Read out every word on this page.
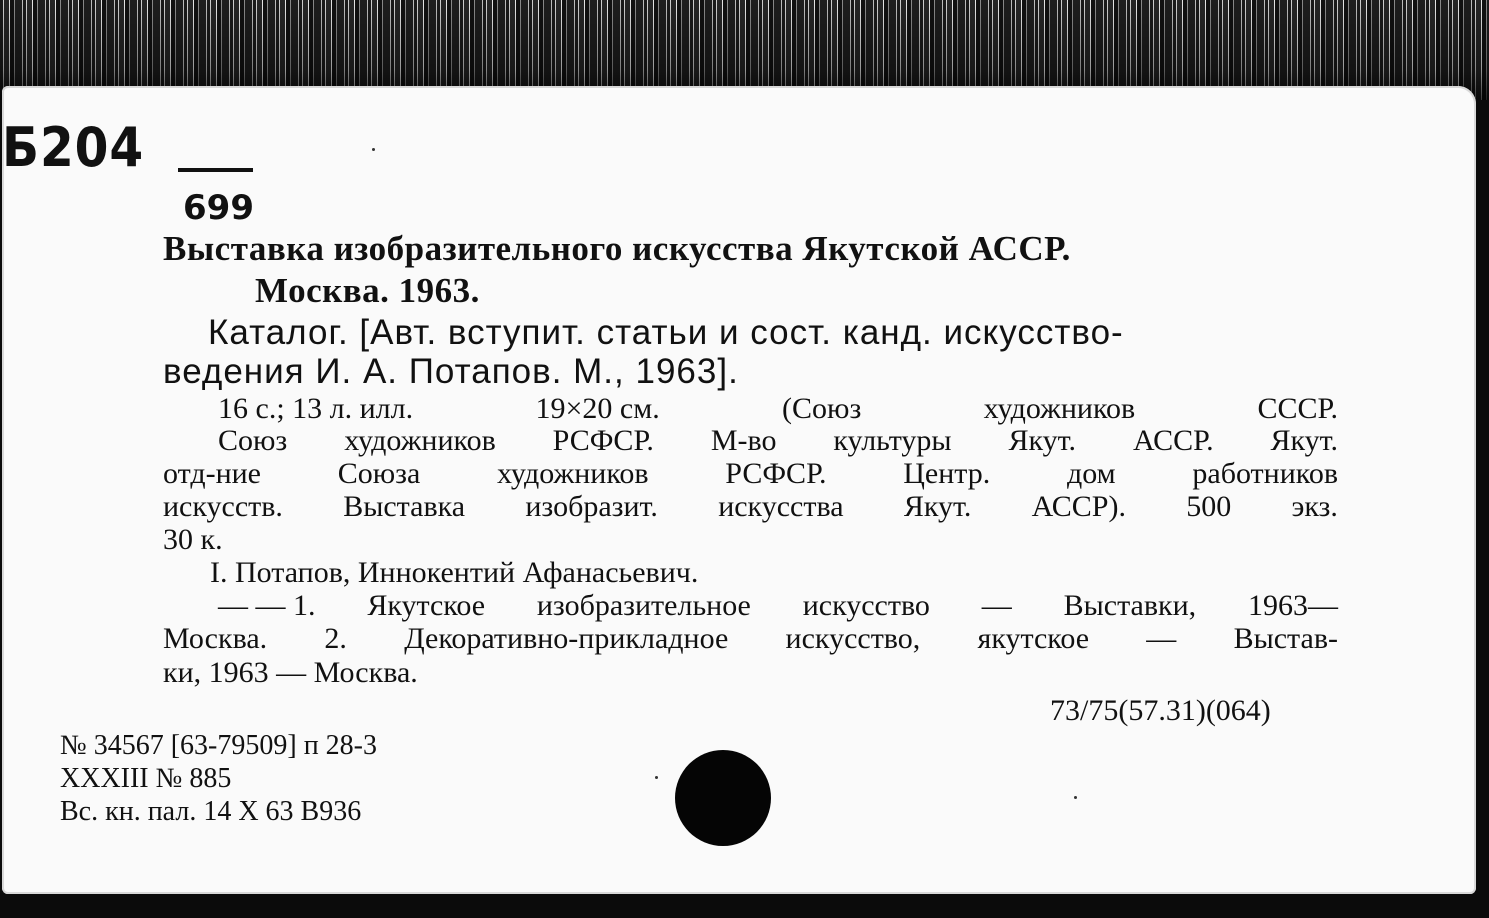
Б204
699
Выставка изобразительного искусства Якутской АССР.
Москва. 1963.
Каталог. [Авт. вступит. статьи и сост. канд. искусство-
ведения И. А. Потапов. М., 1963].
16 с.; 13 л. илл.	19×20 см.	(Союз	художников	СССР.
Союз художников РСФСР. М-во культуры Якут. АССР. Якут.
отд-ние	Союза	художников	РСФСР.	Центр.	дом	работников
искусств. Выставка изобразит. искусства Якут. АССР). 500 экз.
30 к.
I. Потапов, Иннокентий Афанасьевич.
— — 1. Якутское изобразительное искусство — Выставки, 1963—
Москва. 2. Декоративно-прикладное искусство, якутское — Выстав-
ки, 1963 — Москва.
73/75(57.31)(064)
№ 34567 [63-79509] п 28-3
XXXIII № 885
Вс. кн. пал. 14 X 63 В936
